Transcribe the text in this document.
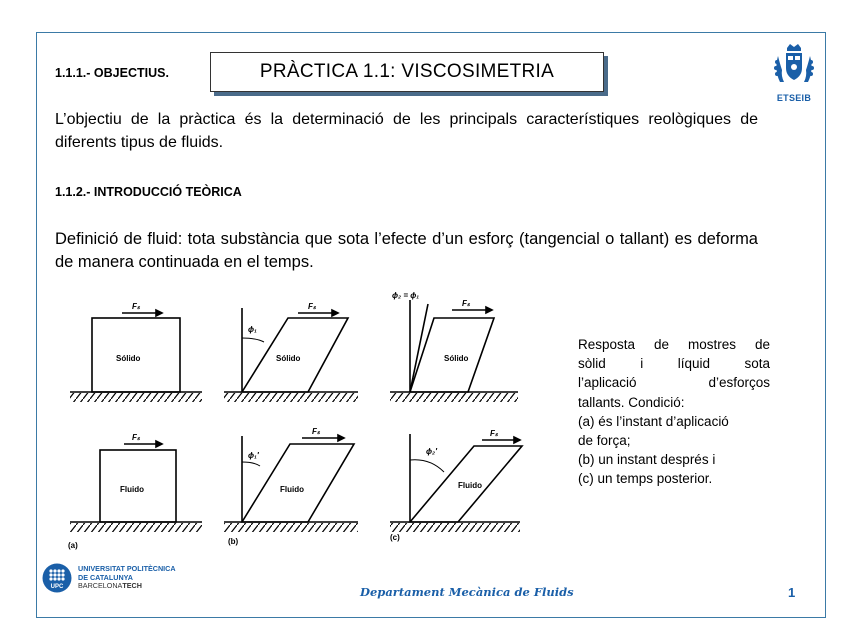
1.1.1.- OBJECTIUS.	PRÀCTICA 1.1: VISCOSIMETRIA
ETSEIB
L’objectiu de la pràctica és la determinació de les principals característiques reològiques de diferents tipus de fluids.
1.1.2.- INTRODUCCIÓ TEÒRICA
Definició de fluid: tota substància que sota l’efecte d’un esforç (tangencial o tallant) es deforma de manera continuada en el temps.
Sólido	Sólido	Sólido
Fluido	Fluido	Fluido
Fₛ	Fₛ	Fₛ
Fₛ
Fₛ	Fₛ
ϕ₁
ϕ₂ = ϕ₁
ϕ₁′	ϕ₂′
(a)	(b)	(c)
Resposta de mostres de
sòlid i líquid sota
l’aplicació d’esforços
tallants. Condició:
(a) és l’instant d’aplicació
de força;
(b) un instant després i
(c) un temps posterior.
UPC
UNIVERSITAT POLITÈCNICA
DE CATALUNYA
BARCELONATECH	Departament Mecànica de Fluids	1
